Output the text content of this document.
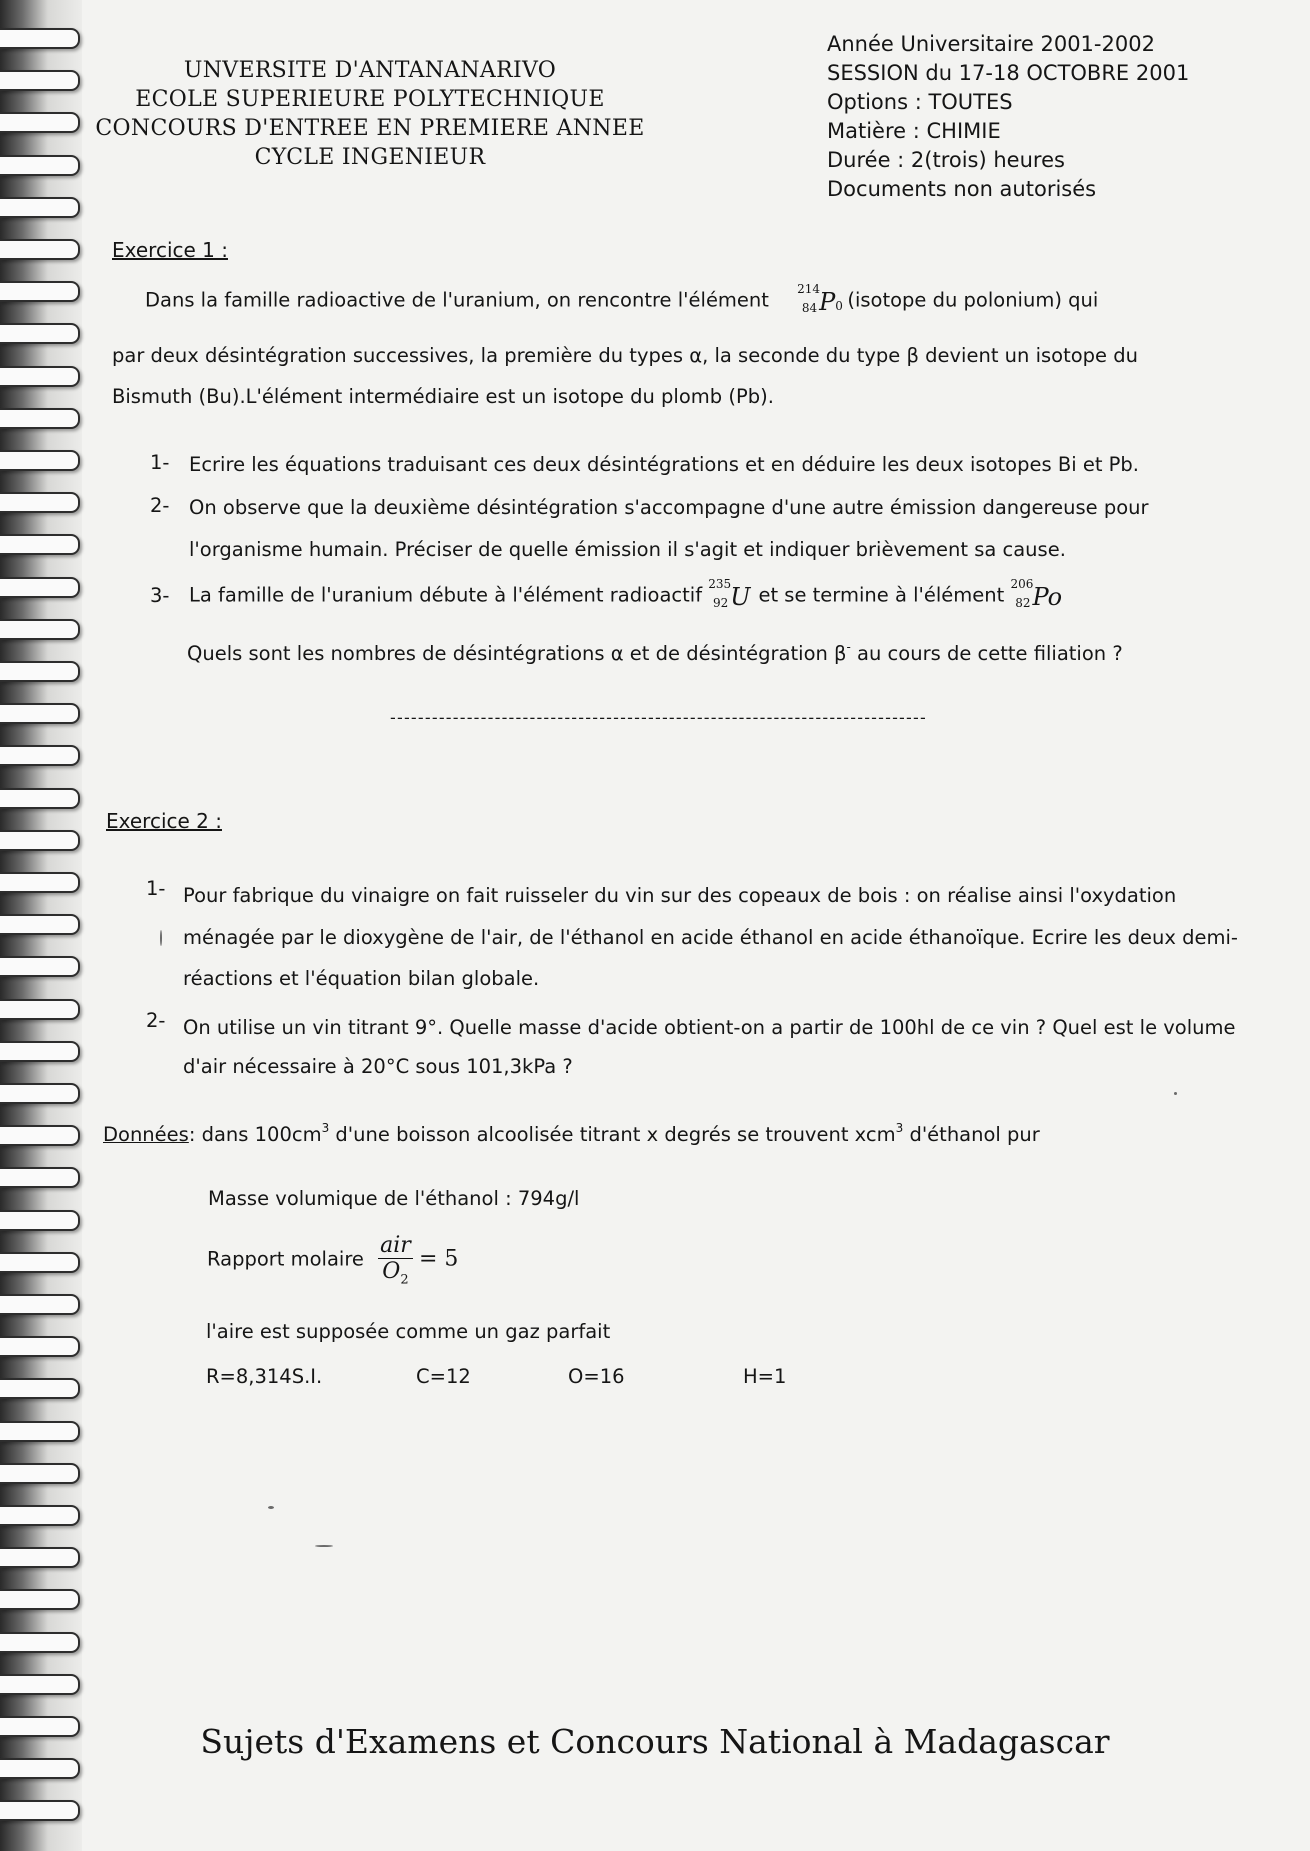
UNVERSITE D'ANTANANARIVO
ECOLE SUPERIEURE POLYTECHNIQUE
CONCOURS D'ENTREE EN PREMIERE ANNEE
CYCLE INGENIEUR
Année Universitaire 2001-2002
SESSION du 17-18 OCTOBRE 2001
Options : TOUTES
Matière : CHIMIE
Durée : 2(trois) heures
Documents non autorisés
Exercice 1 :
Dans la famille radioactive de l'uranium, on rencontre l'élément 214
84 P0 (isotope du polonium) qui
par deux désintégration successives, la première du types α, la seconde du type β devient un isotope du
Bismuth (Bu).L'élément intermédiaire est un isotope du plomb (Pb).
1- Ecrire les équations traduisant ces deux désintégrations et en déduire les deux isotopes Bi et Pb.
2- On observe que la deuxième désintégration s'accompagne d'une autre émission dangereuse pour
l'organisme humain. Préciser de quelle émission il s'agit et indiquer brièvement sa cause.
3- La famille de l'uranium débute à l'élément radioactif 235
92 U et se termine à l'élément 206
82 Po
Quels sont les nombres de désintégrations α et de désintégration β- au cours de cette filiation ?
-----------------------------------------------------------------------------
Exercice 2 :
1- Pour fabrique du vinaigre on fait ruisseler du vin sur des copeaux de bois : on réalise ainsi l'oxydation
ménagée par le dioxygène de l'air, de l'éthanol en acide éthanol en acide éthanoïque. Ecrire les deux demi-
réactions et l'équation bilan globale.
2- On utilise un vin titrant 9°. Quelle masse d'acide obtient-on a partir de 100hl de ce vin ? Quel est le volume
d'air nécessaire à 20°C sous 101,3kPa ?
Données: dans $100cm^3$ d'une boisson alcoolisée titrant x degrés se trouvent xcm$^3$ d'éthanol pur
Masse volumique de l'éthanol : 794g/l
Rapport molaire $\frac{\text{air}}{O_2} = 5$
l'aire est supposée comme un gaz parfait
R=8,314S.I.	C=12	O=16	H=1
Sujets d'Examens et Concours National à Madagascar
